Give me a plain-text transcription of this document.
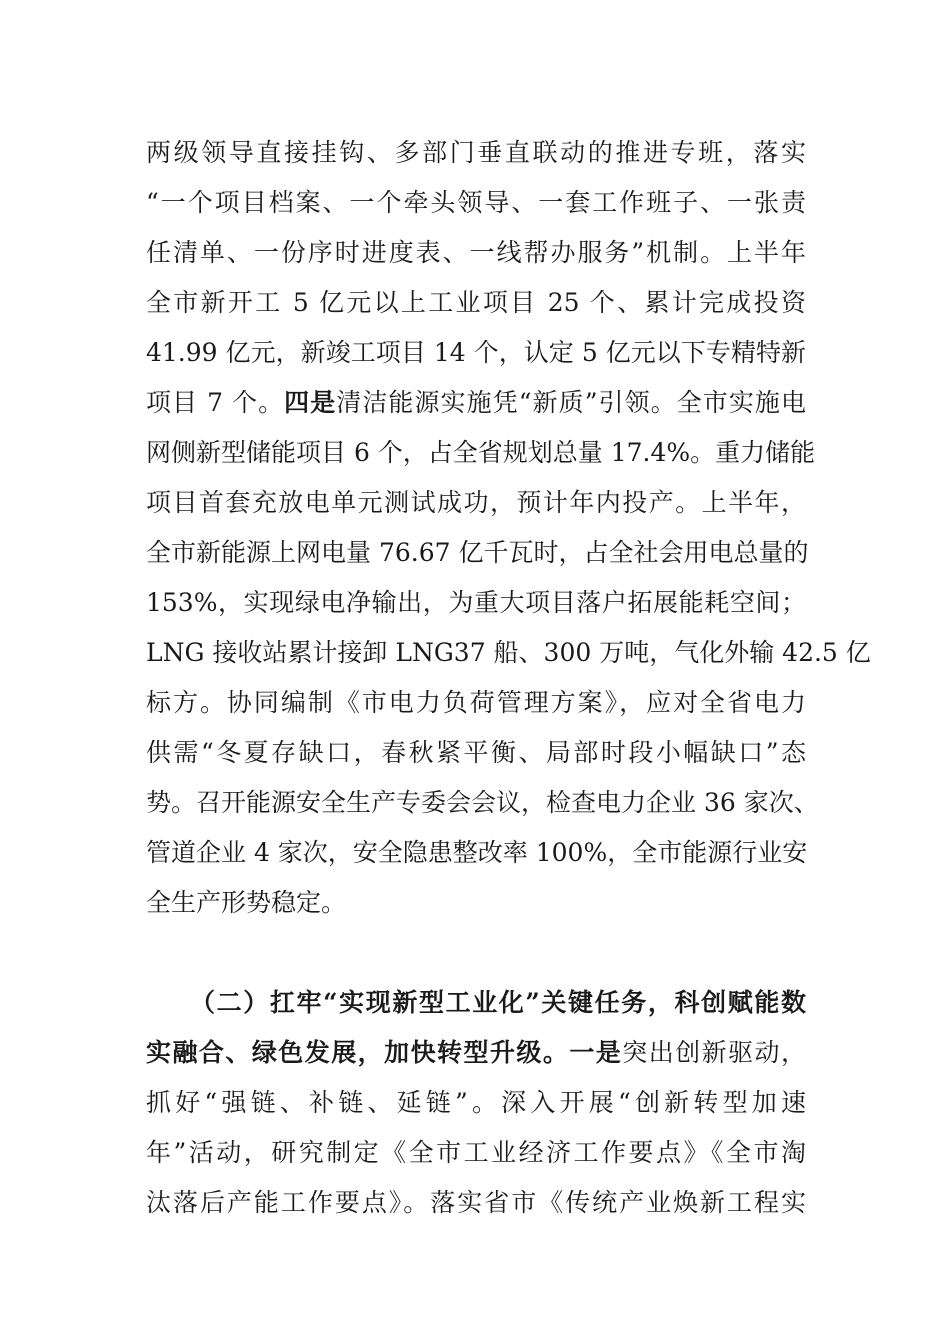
两级领导直接挂钩、多部门垂直联动的推进专班，落实
“一个项目档案、一个牵头领导、一套工作班子、一张责
任清单、一份序时进度表、一线帮办服务”机制。上半年
全市新开工 5 亿元以上工业项目 25 个、累计完成投资
41.99 亿元，新竣工项目 14 个，认定 5 亿元以下专精特新
项目 7 个。四是清洁能源实施凭“新质”引领。全市实施电
网侧新型储能项目 6 个，占全省规划总量 17.4%。重力储能
项目首套充放电单元测试成功，预计年内投产。上半年，
全市新能源上网电量 76.67 亿千瓦时，占全社会用电总量的
153%，实现绿电净输出，为重大项目落户拓展能耗空间；
LNG 接收站累计接卸 LNG37 船、300 万吨，气化外输 42.5 亿
标方。协同编制《市电力负荷管理方案》，应对全省电力
供需“冬夏存缺口，春秋紧平衡、局部时段小幅缺口”态
势。召开能源安全生产专委会会议，检查电力企业 36 家次、
管道企业 4 家次，安全隐患整改率 100%，全市能源行业安
全生产形势稳定。
（二）扛牢“实现新型工业化”关键任务，科创赋能数
实融合、绿色发展，加快转型升级。一是突出创新驱动，
抓好“强链、补链、延链”。深入开展“创新转型加速
年”活动，研究制定《全市工业经济工作要点》《全市淘
汰落后产能工作要点》。落实省市《传统产业焕新工程实
